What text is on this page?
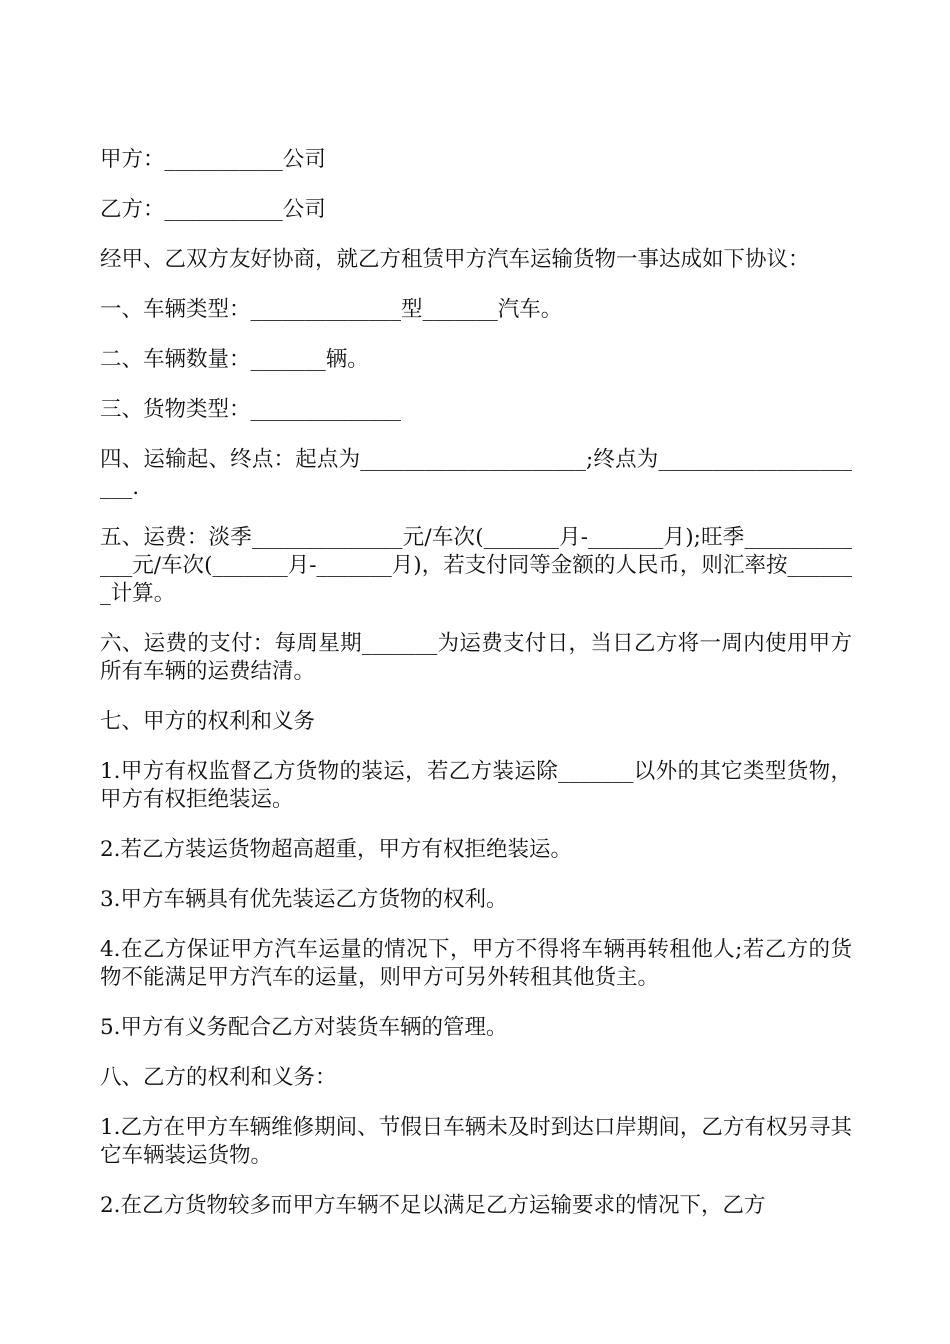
甲方：___________公司

乙方：___________公司

经甲、乙双方友好协商，就乙方租赁甲方汽车运输货物一事达成如下协议：

一、车辆类型：______________型_______汽车。

二、车辆数量：_______辆。

三、货物类型：______________

四、运输起、终点：起点为_____________________;终点为_____________________.

五、运费：淡季______________元/车次(_______月-_______月);旺季_____________元/车次(_______月-_______月)，若支付同等金额的人民币，则汇率按_______计算。

六、运费的支付：每周星期_______为运费支付日，当日乙方将一周内使用甲方所有车辆的运费结清。

七、甲方的权利和义务

1.甲方有权监督乙方货物的装运，若乙方装运除_______以外的其它类型货物，甲方有权拒绝装运。

2.若乙方装运货物超高超重，甲方有权拒绝装运。

3.甲方车辆具有优先装运乙方货物的权利。

4.在乙方保证甲方汽车运量的情况下，甲方不得将车辆再转租他人;若乙方的货物不能满足甲方汽车的运量，则甲方可另外转租其他货主。

5.甲方有义务配合乙方对装货车辆的管理。

八、乙方的权利和义务：

1.乙方在甲方车辆维修期间、节假日车辆未及时到达口岸期间，乙方有权另寻其它车辆装运货物。

2.在乙方货物较多而甲方车辆不足以满足乙方运输要求的情况下，乙方
